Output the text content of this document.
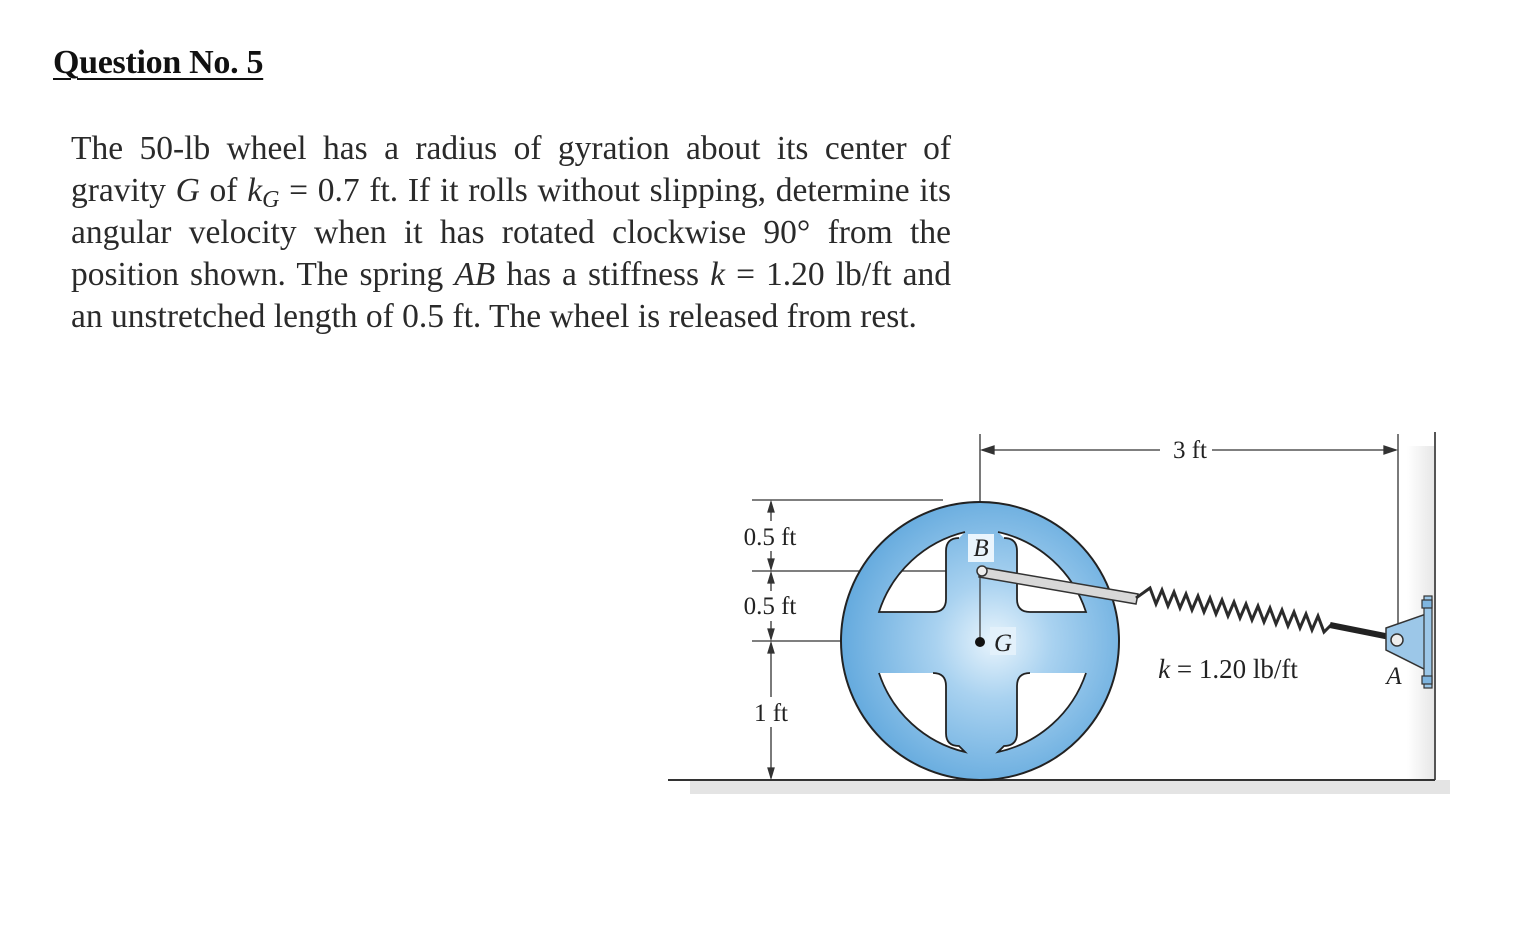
Question No. 5

The 50-lb wheel has a radius of gyration about its center of gravity G of $k_G = 0.7$ ft. If it rolls without slipping, determine its angular velocity when it has rotated clockwise 90° from the position shown. The spring AB has a stiffness k = 1.20 lb/ft and an unstretched length of 0.5 ft. The wheel is released from rest.

3 ft
0.5 ft
0.5 ft
1 ft
B
G
A
k = 1.20 lb/ft
